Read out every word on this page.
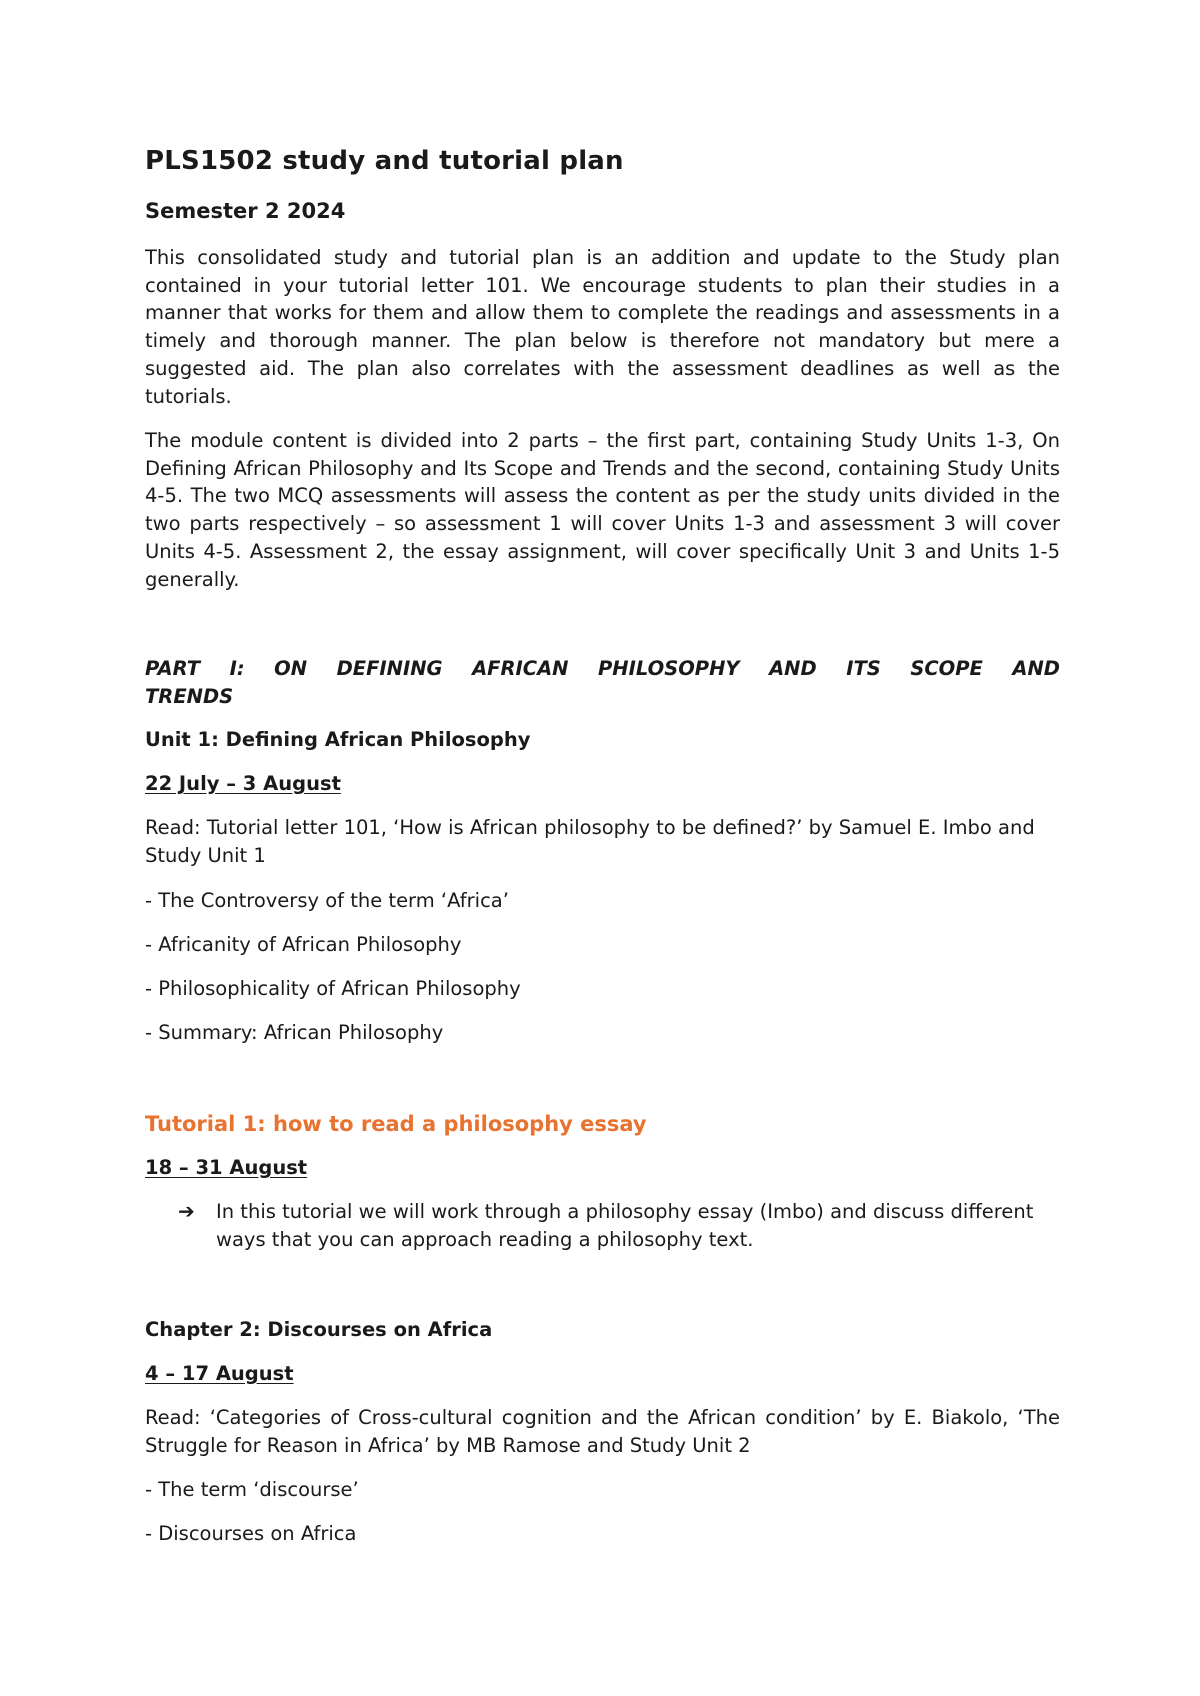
PLS1502 study and tutorial plan
Semester 2 2024

This consolidated study and tutorial plan is an addition and update to the Study plan contained in your tutorial letter 101. We encourage students to plan their studies in a manner that works for them and allow them to complete the readings and assessments in a timely and thorough manner. The plan below is therefore not mandatory but mere a suggested aid. The plan also correlates with the assessment deadlines as well as the tutorials.

The module content is divided into 2 parts – the first part, containing Study Units 1-3, On Defining African Philosophy and Its Scope and Trends and the second, containing Study Units 4-5. The two MCQ assessments will assess the content as per the study units divided in the two parts respectively – so assessment 1 will cover Units 1-3 and assessment 3 will cover Units 4-5. Assessment 2, the essay assignment, will cover specifically Unit 3 and Units 1-5 generally.

PART I: ON DEFINING AFRICAN PHILOSOPHY AND ITS SCOPE AND TRENDS

Unit 1: Defining African Philosophy

22 July – 3 August

Read: Tutorial letter 101, ‘How is African philosophy to be defined?’ by Samuel E. Imbo and Study Unit 1

- The Controversy of the term ‘Africa’

- Africanity of African Philosophy

- Philosophicality of African Philosophy

- Summary: African Philosophy

Tutorial 1: how to read a philosophy essay

18 – 31 August

➔	In this tutorial we will work through a philosophy essay (Imbo) and discuss different ways that you can approach reading a philosophy text.

Chapter 2: Discourses on Africa

4 – 17 August

Read: ‘Categories of Cross-cultural cognition and the African condition’ by E. Biakolo, ‘The Struggle for Reason in Africa’ by MB Ramose and Study Unit 2

- The term ‘discourse’

- Discourses on Africa
